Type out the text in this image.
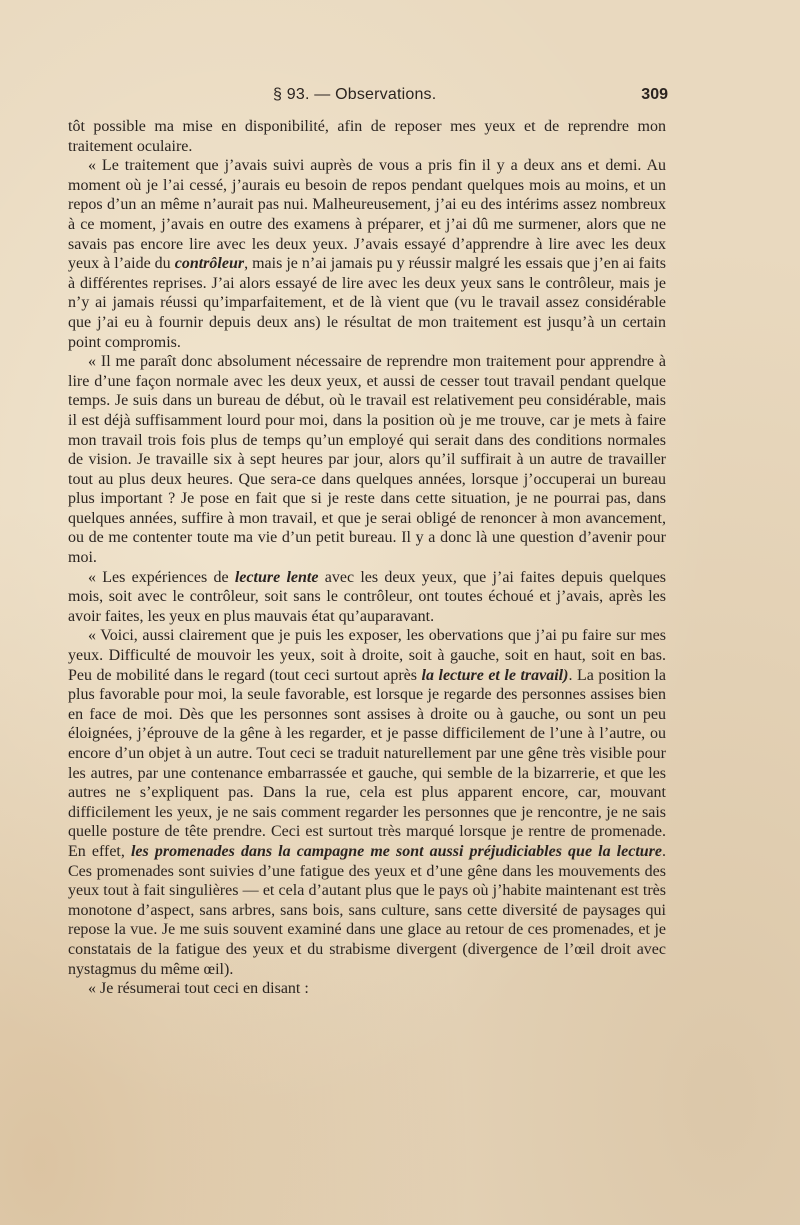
§ 93. — Observations.	309

tôt possible ma mise en disponibilité, afin de reposer mes yeux et de reprendre mon traitement oculaire.

« Le traitement que j’avais suivi auprès de vous a pris fin il y a deux ans et demi. Au moment où je l’ai cessé, j’aurais eu besoin de repos pendant quelques mois au moins, et un repos d’un an même n’aurait pas nui. Malheureusement, j’ai eu des intérims assez nombreux à ce moment, j’avais en outre des examens à préparer, et j’ai dû me surmener, alors que ne savais pas encore lire avec les deux yeux. J’avais essayé d’apprendre à lire avec les deux yeux à l’aide du contrôleur, mais je n’ai jamais pu y réussir malgré les essais que j’en ai faits à différentes reprises. J’ai alors essayé de lire avec les deux yeux sans le contrôleur, mais je n’y ai jamais réussi qu’imparfaitement, et de là vient que (vu le travail assez considérable que j’ai eu à fournir depuis deux ans) le résultat de mon traitement est jusqu’à un certain point compromis.

« Il me paraît donc absolument nécessaire de reprendre mon traitement pour apprendre à lire d’une façon normale avec les deux yeux, et aussi de cesser tout travail pendant quelque temps. Je suis dans un bureau de début, où le travail est relativement peu considérable, mais il est déjà suffisamment lourd pour moi, dans la position où je me trouve, car je mets à faire mon travail trois fois plus de temps qu’un employé qui serait dans des conditions normales de vision. Je travaille six à sept heures par jour, alors qu’il suffirait à un autre de travailler tout au plus deux heures. Que sera-ce dans quelques années, lorsque j’occuperai un bureau plus important ? Je pose en fait que si je reste dans cette situation, je ne pourrai pas, dans quelques années, suffire à mon travail, et que je serai obligé de renoncer à mon avancement, ou de me contenter toute ma vie d’un petit bureau. Il y a donc là une question d’avenir pour moi.

« Les expériences de lecture lente avec les deux yeux, que j’ai faites depuis quelques mois, soit avec le contrôleur, soit sans le contrôleur, ont toutes échoué et j’avais, après les avoir faites, les yeux en plus mauvais état qu’auparavant.

« Voici, aussi clairement que je puis les exposer, les obervations que j’ai pu faire sur mes yeux. Difficulté de mouvoir les yeux, soit à droite, soit à gauche, soit en haut, soit en bas. Peu de mobilité dans le regard (tout ceci surtout après la lecture et le travail). La position la plus favorable pour moi, la seule favorable, est lorsque je regarde des personnes assises bien en face de moi. Dès que les personnes sont assises à droite ou à gauche, ou sont un peu éloignées, j’éprouve de la gêne à les regarder, et je passe difficilement de l’une à l’autre, ou encore d’un objet à un autre. Tout ceci se traduit naturellement par une gêne très visible pour les autres, par une contenance embarrassée et gauche, qui semble de la bizarrerie, et que les autres ne s’expliquent pas. Dans la rue, cela est plus apparent encore, car, mouvant difficilement les yeux, je ne sais comment regarder les personnes que je rencontre, je ne sais quelle posture de tête prendre. Ceci est surtout très marqué lorsque je rentre de promenade. En effet, les promenades dans la campagne me sont aussi préjudiciables que la lecture. Ces promenades sont suivies d’une fatigue des yeux et d’une gêne dans les mouvements des yeux tout à fait singulières — et cela d’autant plus que le pays où j’habite maintenant est très monotone d’aspect, sans arbres, sans bois, sans culture, sans cette diversité de paysages qui repose la vue. Je me suis souvent examiné dans une glace au retour de ces promenades, et je constatais de la fatigue des yeux et du strabisme divergent (divergence de l’œil droit avec nystagmus du même œil).

« Je résumerai tout ceci en disant :
